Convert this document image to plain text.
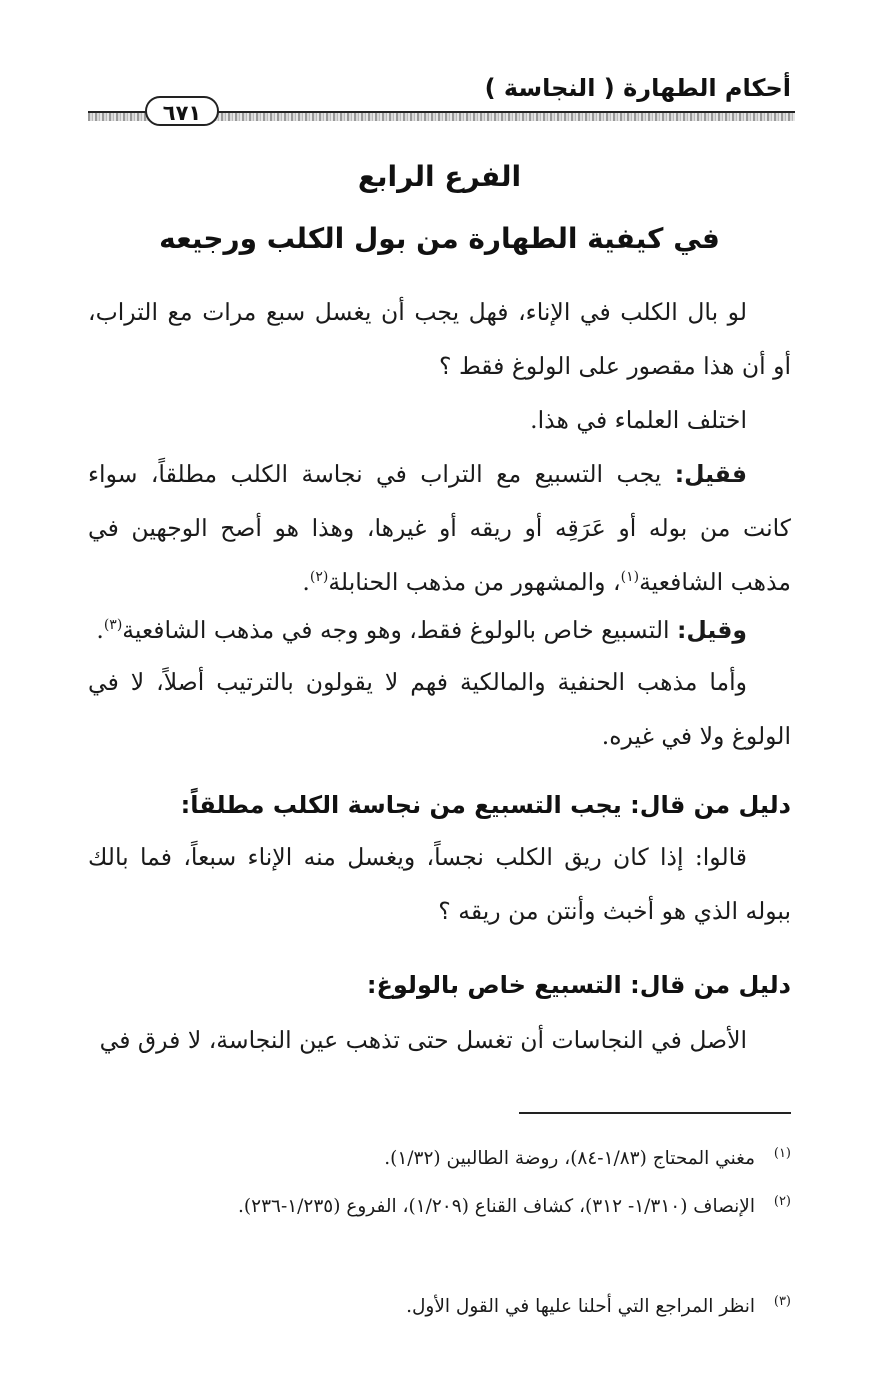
أحكام الطهارة ( النجاسة )
٦٧١
الفرع الرابع
في كيفية الطهارة من بول الكلب ورجيعه
لو بال الكلب في الإناء، فهل يجب أن يغسل سبع مرات مع التراب، أو أن هذا مقصور على الولوغ فقط ؟
اختلف العلماء في هذا.
فقيل: يجب التسبيع مع التراب في نجاسة الكلب مطلقاً، سواء كانت من بوله أو عَرَقِه أو ريقه أو غيرها، وهذا هو أصح الوجهين في مذهب الشافعية$^{(١)}$، والمشهور من مذهب الحنابلة$^{(٢)}$.
وقيل: التسبيع خاص بالولوغ فقط، وهو وجه في مذهب الشافعية$^{(٣)}$.
وأما مذهب الحنفية والمالكية فهم لا يقولون بالترتيب أصلاً، لا في الولوغ ولا في غيره.
دليل من قال: يجب التسبيع من نجاسة الكلب مطلقاً:
قالوا: إذا كان ريق الكلب نجساً، ويغسل منه الإناء سبعاً، فما بالك ببوله الذي هو أخبث وأنتن من ريقه ؟
دليل من قال: التسبيع خاص بالولوغ:
الأصل في النجاسات أن تغسل حتى تذهب عين النجاسة، لا فرق في
(١)مغني المحتاج (١/٨٣-٨٤)، روضة الطالبين (١/٣٢).
(٢)الإنصاف (١/٣١٠- ٣١٢)، كشاف القناع (١/٢٠٩)، الفروع (١/٢٣٥-٢٣٦).
(٣)انظر المراجع التي أحلنا عليها في القول الأول.
